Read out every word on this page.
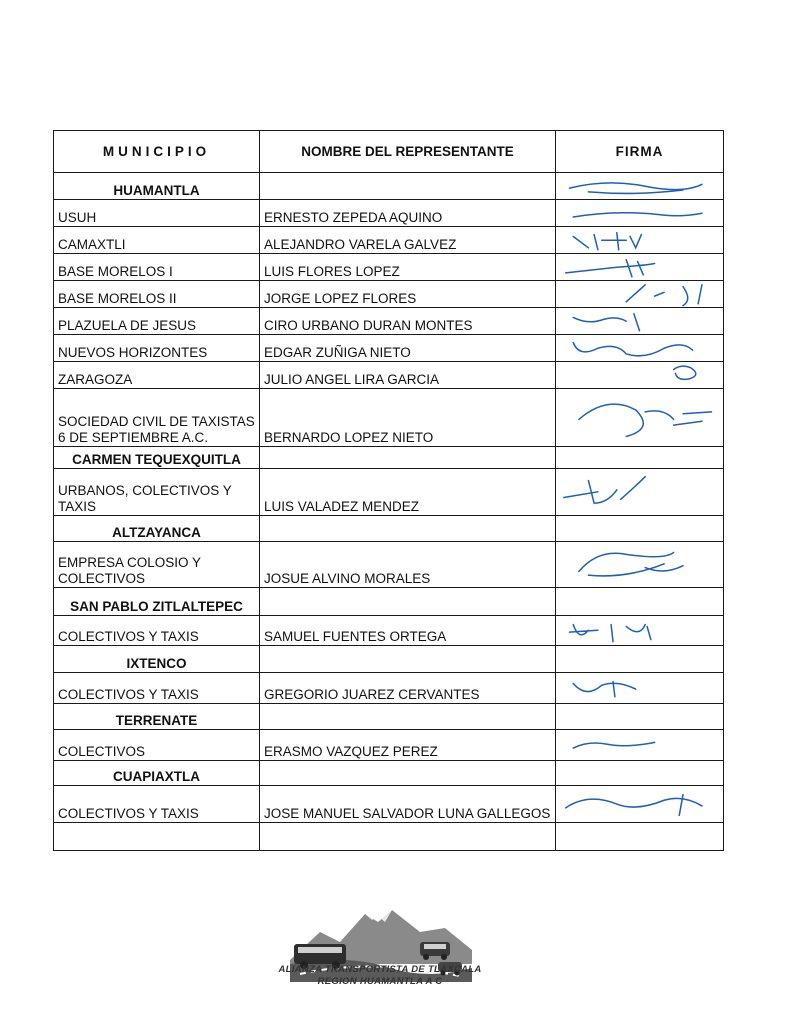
MUNICIPIO	NOMBRE DEL REPRESENTANTE	FIRMA
HUAMANTLA		

USUH	ERNESTO ZEPEDA AQUINO	

CAMAXTLI	ALEJANDRO VARELA GALVEZ	

BASE MORELOS I	LUIS FLORES LOPEZ	

BASE MORELOS II	JORGE LOPEZ FLORES	

PLAZUELA DE JESUS	CIRO URBANO DURAN MONTES	

NUEVOS HORIZONTES	EDGAR ZUÑIGA NIETO	

ZARAGOZA	JULIO ANGEL LIRA GARCIA	

SOCIEDAD CIVIL DE TAXISTAS 6 DE SEPTIEMBRE A.C.	BERNARDO LOPEZ NIETO	

CARMEN TEQUEXQUITLA		
URBANOS, COLECTIVOS Y TAXIS	LUIS VALADEZ MENDEZ	

ALTZAYANCA		
EMPRESA COLOSIO Y COLECTIVOS	JOSUE ALVINO MORALES	

SAN PABLO ZITLALTEPEC		
COLECTIVOS Y TAXIS	SAMUEL FUENTES ORTEGA	

IXTENCO		
COLECTIVOS Y TAXIS	GREGORIO JUAREZ CERVANTES	

TERRENATE		
COLECTIVOS	ERASMO VAZQUEZ PEREZ	

CUAPIAXTLA		
COLECTIVOS Y TAXIS	JOSE MANUEL SALVADOR LUNA GALLEGOS	

ALIANZA TRANSPORTISTA DE TLAXCALA
REGION HUAMANTLA A C
